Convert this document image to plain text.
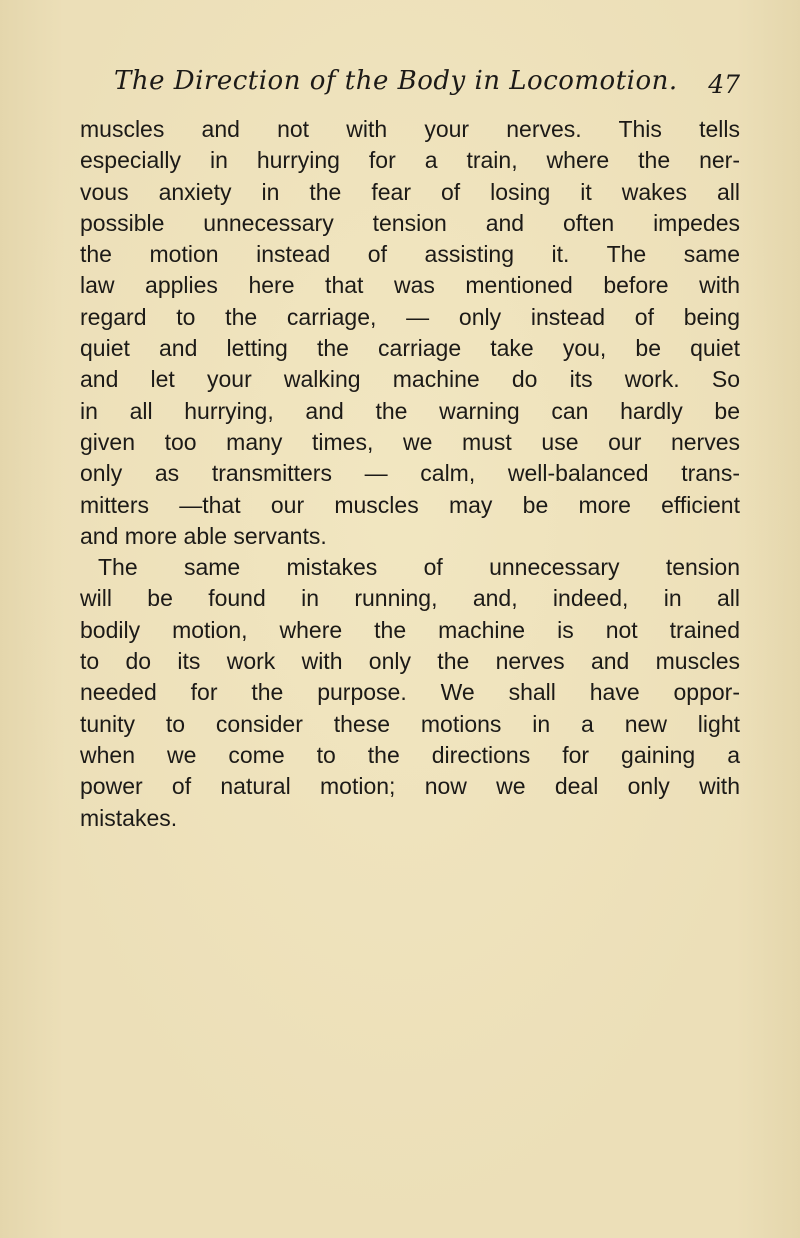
The Direction of the Body in Locomotion. 47
muscles and not with your nerves. This tells
especially in hurrying for a train, where the ner-
vous anxiety in the fear of losing it wakes all
possible unnecessary tension and often impedes
the motion instead of assisting it. The same
law applies here that was mentioned before with
regard to the carriage, — only instead of being
quiet and letting the carriage take you, be quiet
and let your walking machine do its work. So
in all hurrying, and the warning can hardly be
given too many times, we must use our nerves
only as transmitters — calm, well-balanced trans-
mitters —that our muscles may be more efficient
and more able servants.
The same mistakes of unnecessary tension
will be found in running, and, indeed, in all
bodily motion, where the machine is not trained
to do its work with only the nerves and muscles
needed for the purpose. We shall have oppor-
tunity to consider these motions in a new light
when we come to the directions for gaining a
power of natural motion; now we deal only with
mistakes.
